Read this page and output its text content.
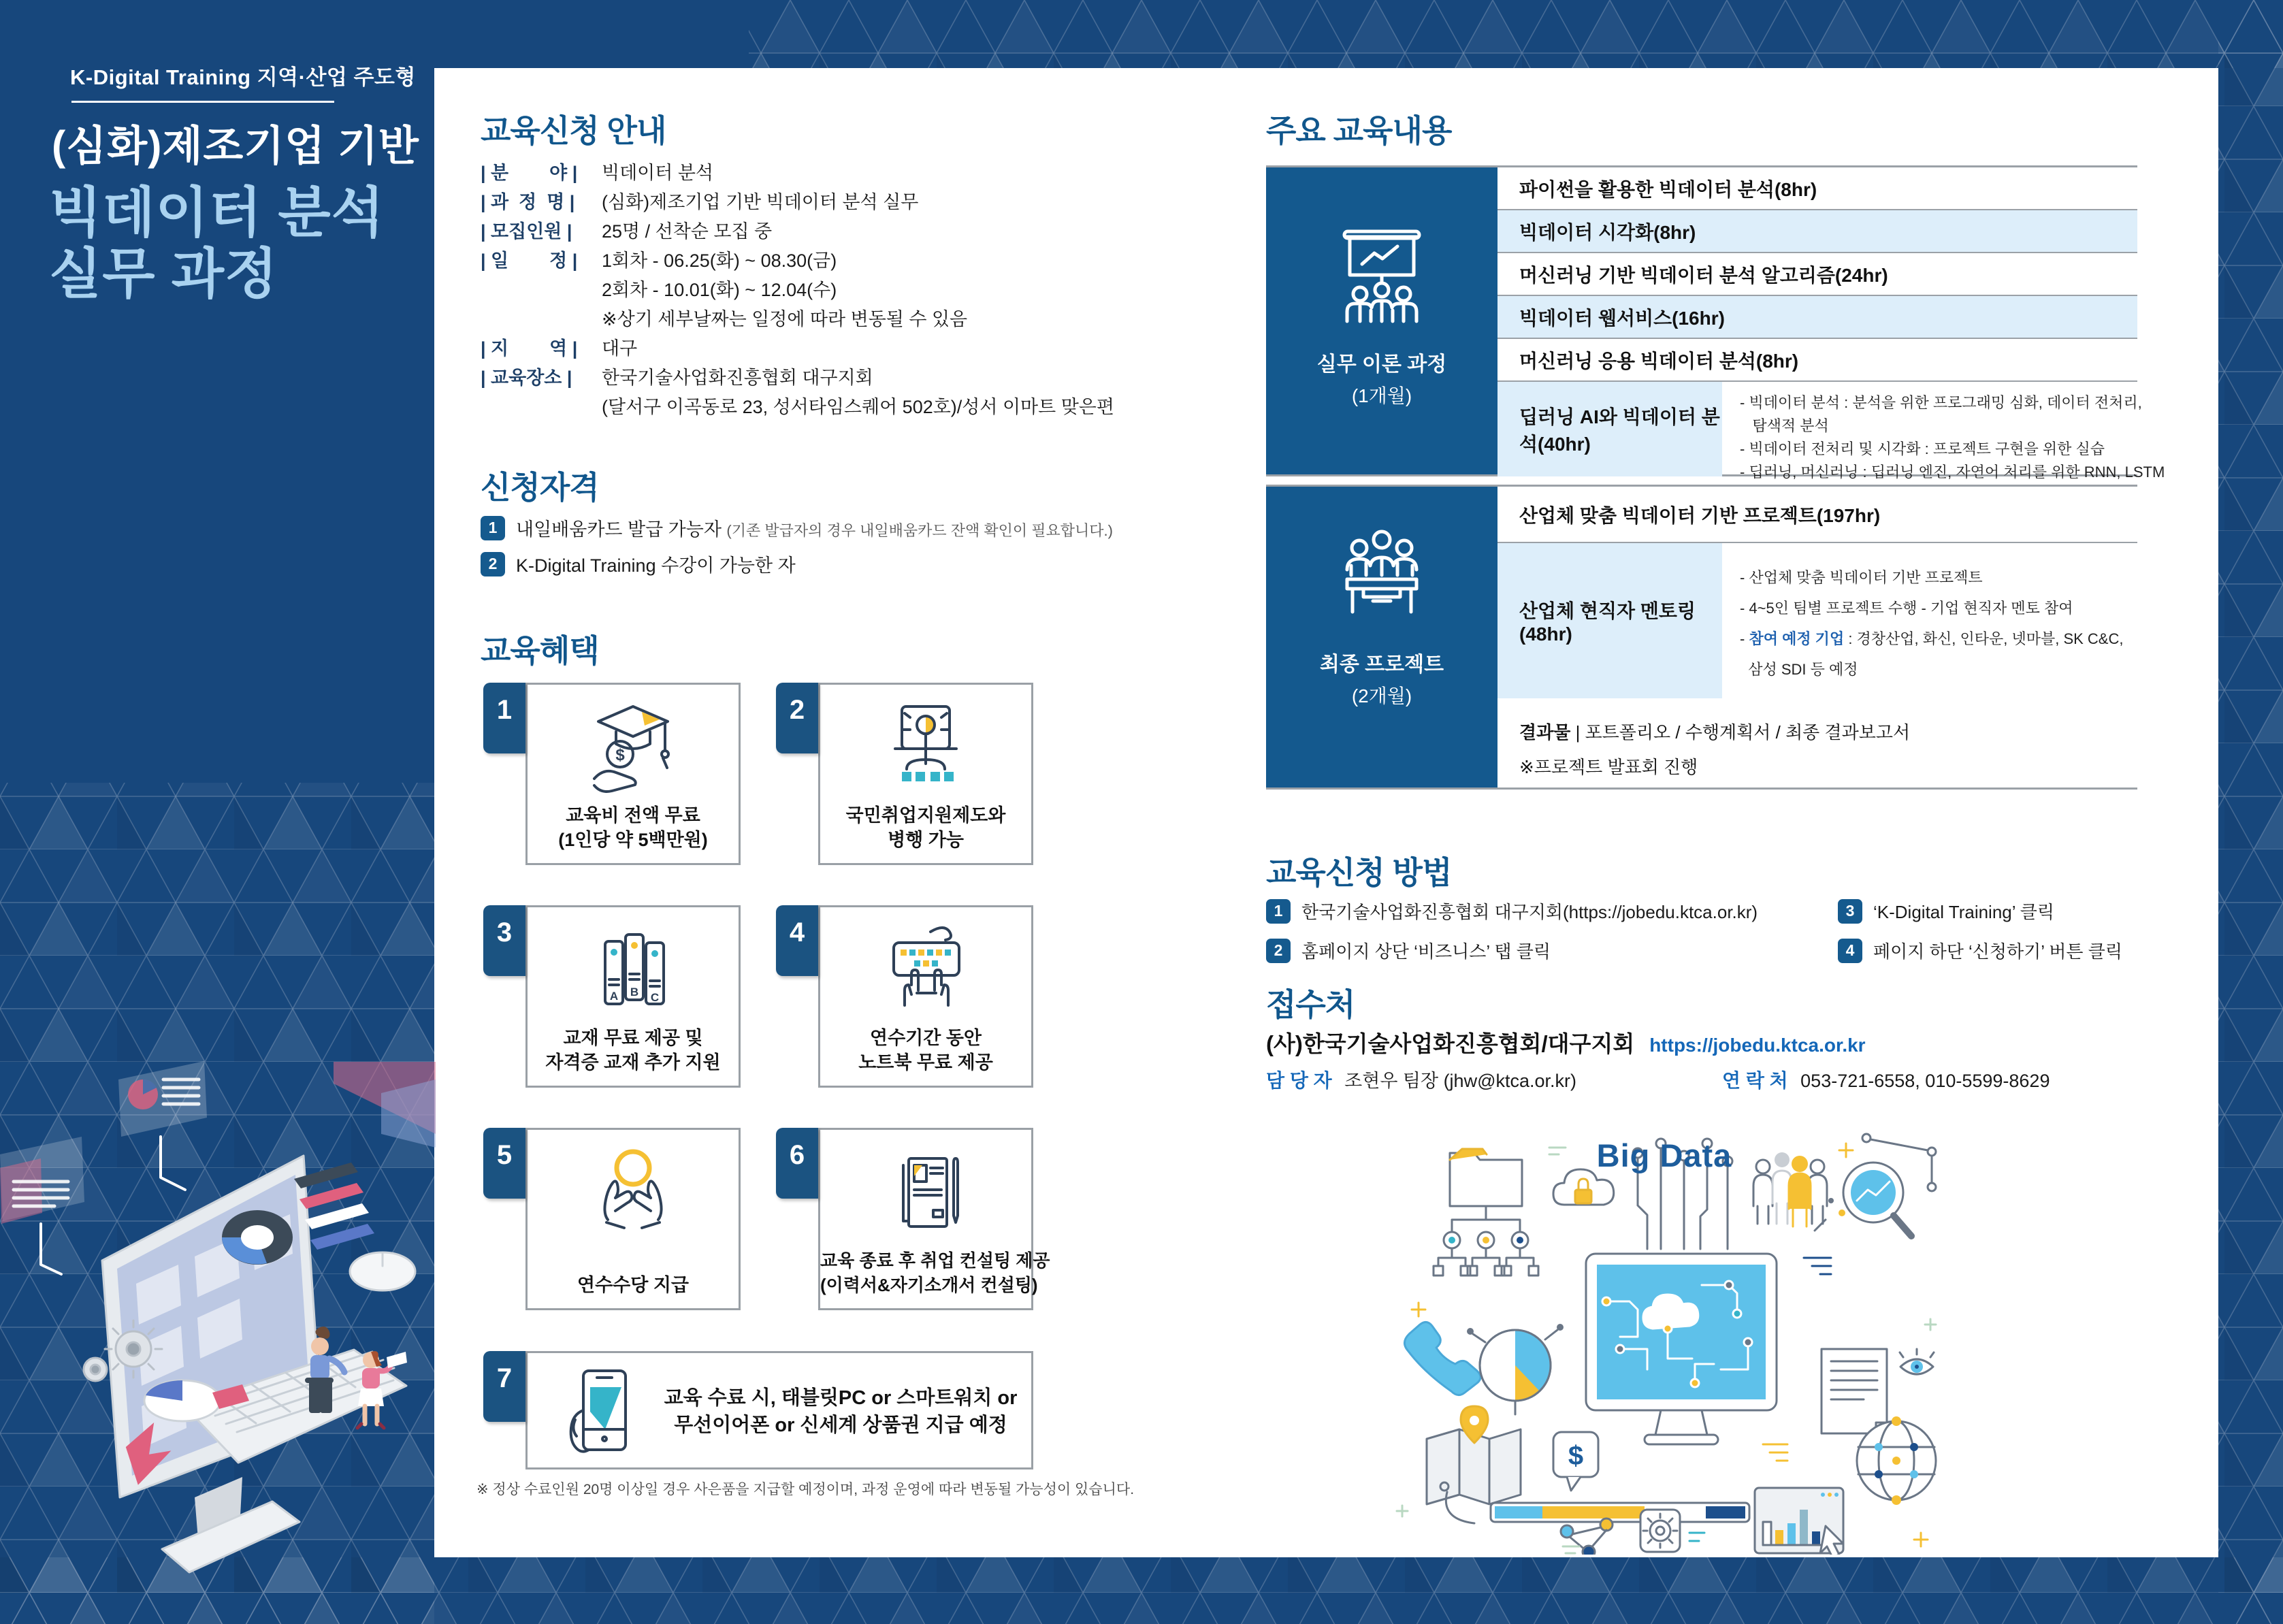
K-Digital Training 지역·산업 주도형
(심화)제조기업 기반
빅데이터 분석
실무 과정
교육신청 안내
| 분        야 |	빅데이터 분석
| 과  정  명 |	(심화)제조기업 기반 빅데이터 분석 실무
| 모집인원 |	25명 / 선착순 모집 중
| 일        정 |	1회차 - 06.25(화) ~ 08.30(금)
2회차 - 10.01(화) ~ 12.04(수)
※상기 세부날짜는 일정에 따라 변동될 수 있음
| 지        역 |	대구
| 교육장소 |	한국기술사업화진흥협회 대구지회
(달서구 이곡동로 23, 성서타임스퀘어 502호)/성서 이마트 맞은편
신청자격
1	내일배움카드 발급 가능자 (기존 발급자의 경우 내일배움카드 잔액 확인이 필요합니다.)
2	K-Digital Training 수강이 가능한 자
교육혜택
1
$
교육비 전액 무료
(1인당 약 5백만원)
2
국민취업지원제도와
병행 가능
3
A B C
교재 무료 제공 및
자격증 교재 추가 지원
4
연수기간 동안
노트북 무료 제공
5
연수수당 지급
6
교육 종료 후 취업 컨설팅 제공
(이력서&자기소개서 컨설팅)
7
교육 수료 시, 태블릿PC or 스마트워치 or
무선이어폰 or 신세계 상품권 지급 예정
※ 정상 수료인원 20명 이상일 경우 사은품을 지급할 예정이며, 과정 운영에 따라 변동될 가능성이 있습니다.
주요 교육내용
실무 이론 과정
(1개월)
파이썬을 활용한 빅데이터 분석(8hr)
빅데이터 시각화(8hr)
머신러닝 기반 빅데이터 분석 알고리즘(24hr)
빅데이터 웹서비스(16hr)
머신러닝 응용 빅데이터 분석(8hr)
딥러닝 AI와 빅데이터 분석(40hr)
- 빅데이터 분석 : 분석을 위한 프로그래밍 심화, 데이터 전처리,
탐색적 분석
- 빅데이터 전처리 및 시각화 : 프로젝트 구현을 위한 실습
- 딥러닝, 머신러닝 : 딥러닝 엔진, 자연어 처리를 위한 RNN, LSTM
최종 프로젝트
(2개월)
산업체 맞춤 빅데이터 기반 프로젝트(197hr)
산업체 현직자 멘토링(48hr)
- 산업체 맞춤 빅데이터 기반 프로젝트
- 4~5인 팀별 프로젝트 수행 - 기업 현직자 멘토 참여
- 참여 예정 기업 : 경창산업, 화신, 인타운, 넷마블, SK C&C,
삼성 SDI 등 예정
결과물 | 포트폴리오 / 수행계획서 / 최종 결과보고서
※프로젝트 발표회 진행
교육신청 방법
1	한국기술사업화진흥협회 대구지회(https://jobedu.ktca.or.kr)
2	홈페이지 상단 ‘비즈니스’ 탭 클릭
3	‘K-Digital Training’ 클릭
4	페이지 하단 ‘신청하기’ 버튼 클릭
접수처
(사)한국기술사업화진흥협회/대구지회 https://jobedu.ktca.or.kr
담 당 자 조현우 팀장 (jhw@ktca.or.kr)	연 락 처 053-721-6558, 010-5599-8629
Big Data
$
